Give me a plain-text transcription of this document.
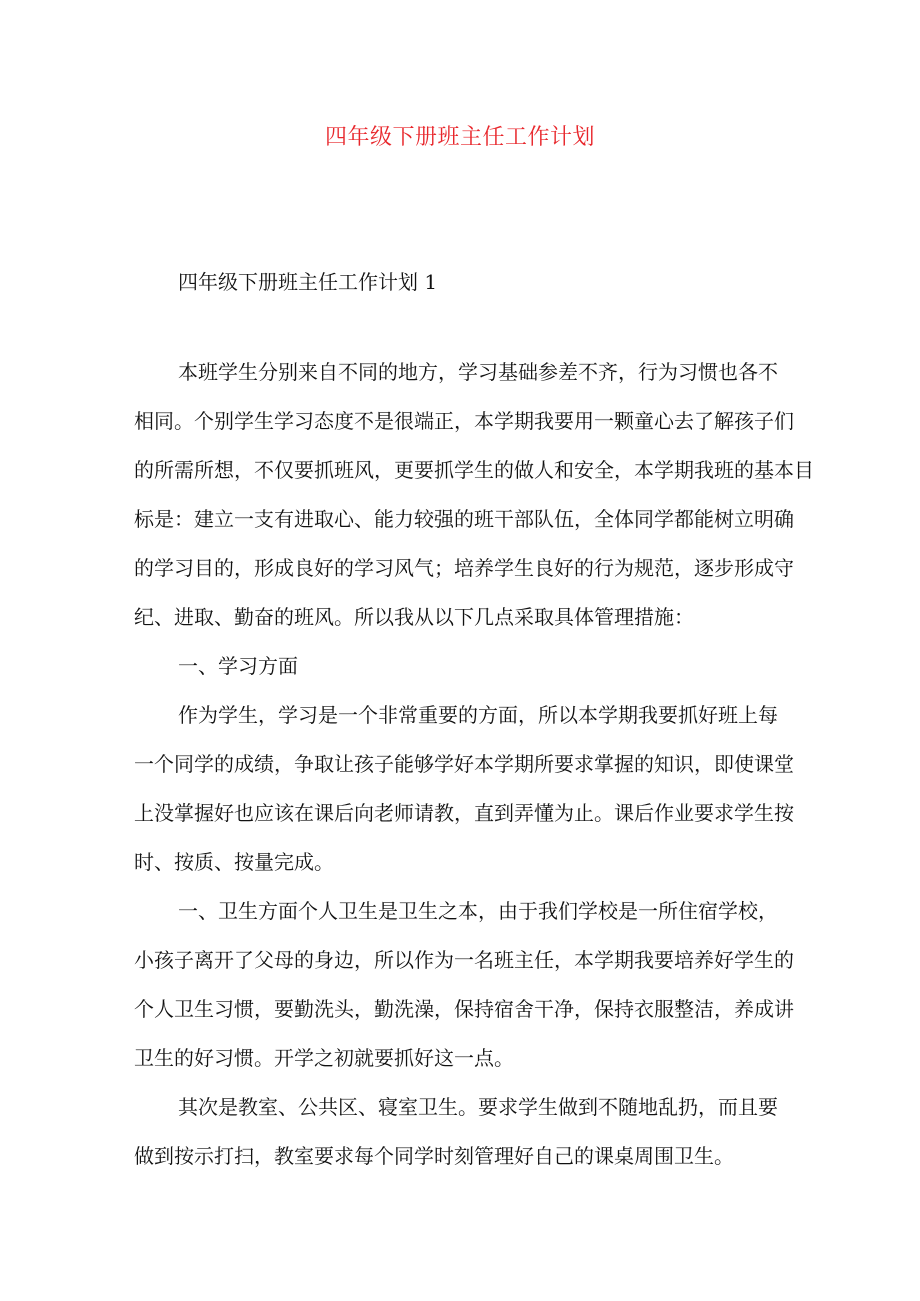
四年级下册班主任工作计划
四年级下册班主任工作计划 1
本班学生分别来自不同的地方，学习基础参差不齐，行为习惯也各不
相同。个别学生学习态度不是很端正，本学期我要用一颗童心去了解孩子们
的所需所想，不仅要抓班风，更要抓学生的做人和安全，本学期我班的基本目
标是：建立一支有进取心、能力较强的班干部队伍，全体同学都能树立明确
的学习目的，形成良好的学习风气；培养学生良好的行为规范，逐步形成守
纪、进取、勤奋的班风。所以我从以下几点采取具体管理措施：
一、学习方面
作为学生，学习是一个非常重要的方面，所以本学期我要抓好班上每
一个同学的成绩，争取让孩子能够学好本学期所要求掌握的知识，即使课堂
上没掌握好也应该在课后向老师请教，直到弄懂为止。课后作业要求学生按
时、按质、按量完成。
一、卫生方面个人卫生是卫生之本，由于我们学校是一所住宿学校，
小孩子离开了父母的身边，所以作为一名班主任，本学期我要培养好学生的
个人卫生习惯，要勤洗头，勤洗澡，保持宿舍干净，保持衣服整洁，养成讲
卫生的好习惯。开学之初就要抓好这一点。
其次是教室、公共区、寝室卫生。要求学生做到不随地乱扔，而且要
做到按示打扫，教室要求每个同学时刻管理好自己的课桌周围卫生。
